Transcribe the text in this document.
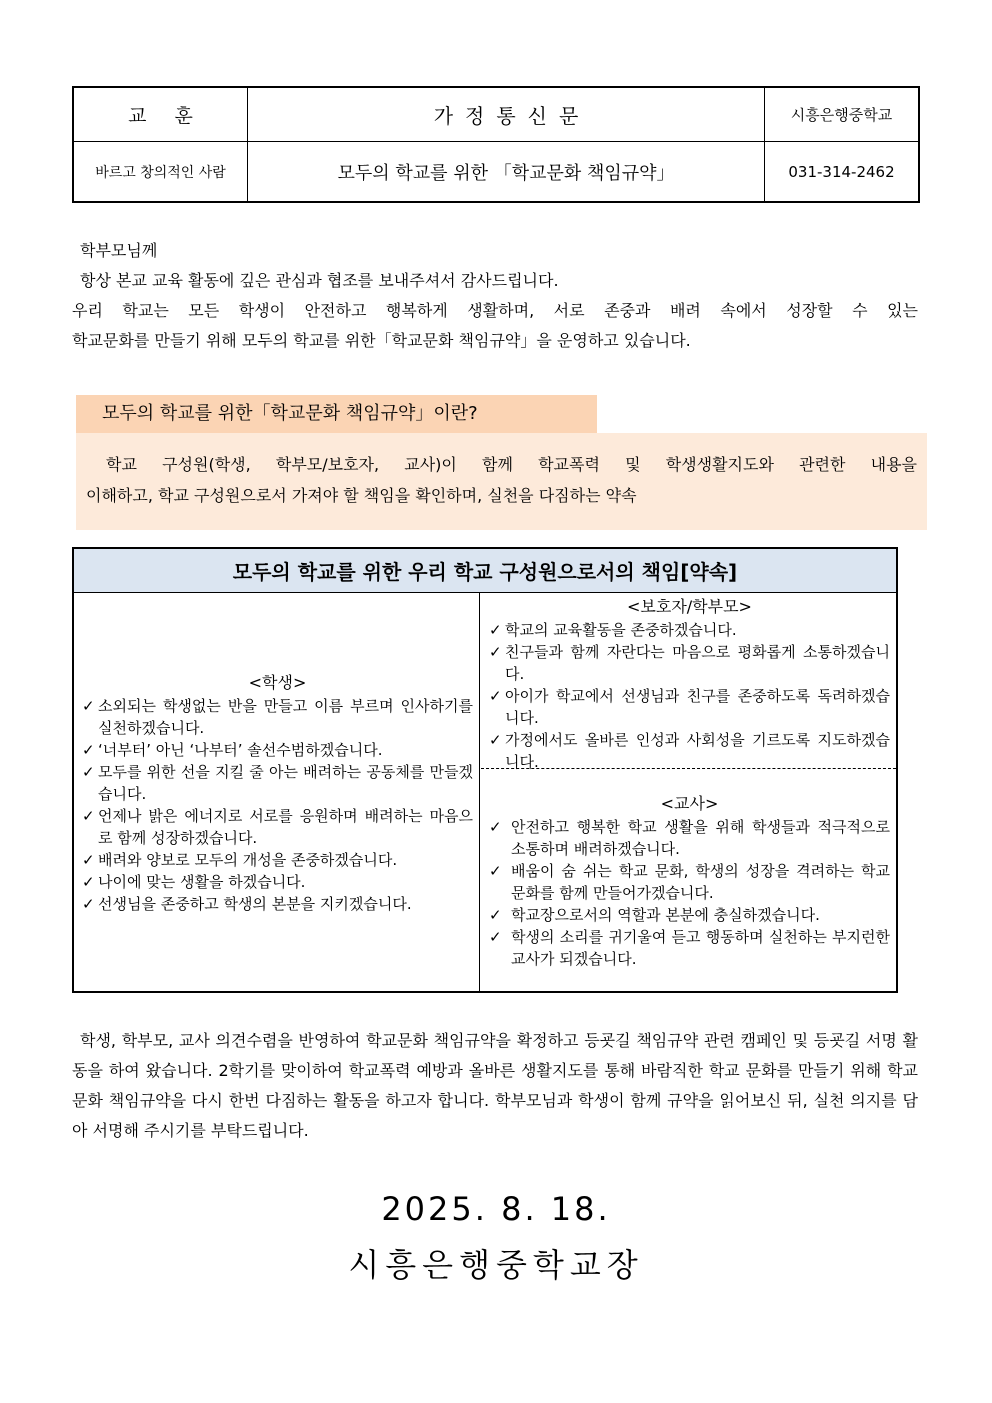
교훈	가정통신문	시흥은행중학교
바르고 창의적인 사람	모두의 학교를 위한 「학교문화 책임규약」	031-314-2462
학부모님께
항상 본교 교육 활동에 깊은 관심과 협조를 보내주셔서 감사드립니다.
우리 학교는 모든 학생이 안전하고 행복하게 생활하며, 서로 존중과 배려 속에서 성장할 수 있는
학교문화를 만들기 위해 모두의 학교를 위한「학교문화 책임규약」을 운영하고 있습니다.
모두의 학교를 위한「학교문화 책임규약」이란?
학교 구성원(학생, 학부모/보호자, 교사)이 함께 학교폭력 및 학생생활지도와 관련한 내용을
이해하고, 학교 구성원으로서 가져야 할 책임을 확인하며, 실천을 다짐하는 약속
모두의 학교를 위한 우리 학교 구성원으로서의 책임[약속]
<학생>
✓ 소외되는 학생없는 반을 만들고 이름 부르며 인사하기를 실천하겠습니다.
✓ ‘너부터’ 아닌 ‘나부터’ 솔선수범하겠습니다.
✓ 모두를 위한 선을 지킬 줄 아는 배려하는 공동체를 만들겠습니다.
✓ 언제나 밝은 에너지로 서로를 응원하며 배려하는 마음으로 함께 성장하겠습니다.
✓ 배려와 양보로 모두의 개성을 존중하겠습니다.
✓ 나이에 맞는 생활을 하겠습니다.
✓ 선생님을 존중하고 학생의 본분을 지키겠습니다.
<보호자/학부모>
✓ 학교의 교육활동을 존중하겠습니다.
✓ 친구들과 함께 자란다는 마음으로 평화롭게 소통하겠습니다.
✓ 아이가 학교에서 선생님과 친구를 존중하도록 독려하겠습니다.
✓ 가정에서도 올바른 인성과 사회성을 기르도록 지도하겠습니다.
<교사>
✓ 안전하고 행복한 학교 생활을 위해 학생들과 적극적으로 소통하며 배려하겠습니다.
✓ 배움이 숨 쉬는 학교 문화, 학생의 성장을 격려하는 학교 문화를 함께 만들어가겠습니다.
✓ 학교장으로서의 역할과 본분에 충실하겠습니다.
✓ 학생의 소리를 귀기울여 듣고 행동하며 실천하는 부지런한 교사가 되겠습니다.
학생, 학부모, 교사 의견수렴을 반영하여 학교문화 책임규약을 확정하고 등굣길 책임규약 관련 캠페인 및 등굣길 서명 활동을 하여 왔습니다. 2학기를 맞이하여 학교폭력 예방과 올바른 생활지도를 통해 바람직한 학교 문화를 만들기 위해 학교문화 책임규약을 다시 한번 다짐하는 활동을 하고자 합니다. 학부모님과 학생이 함께 규약을 읽어보신 뒤, 실천 의지를 담아 서명해 주시기를 부탁드립니다.
2025. 8. 18.
시흥은행중학교장
